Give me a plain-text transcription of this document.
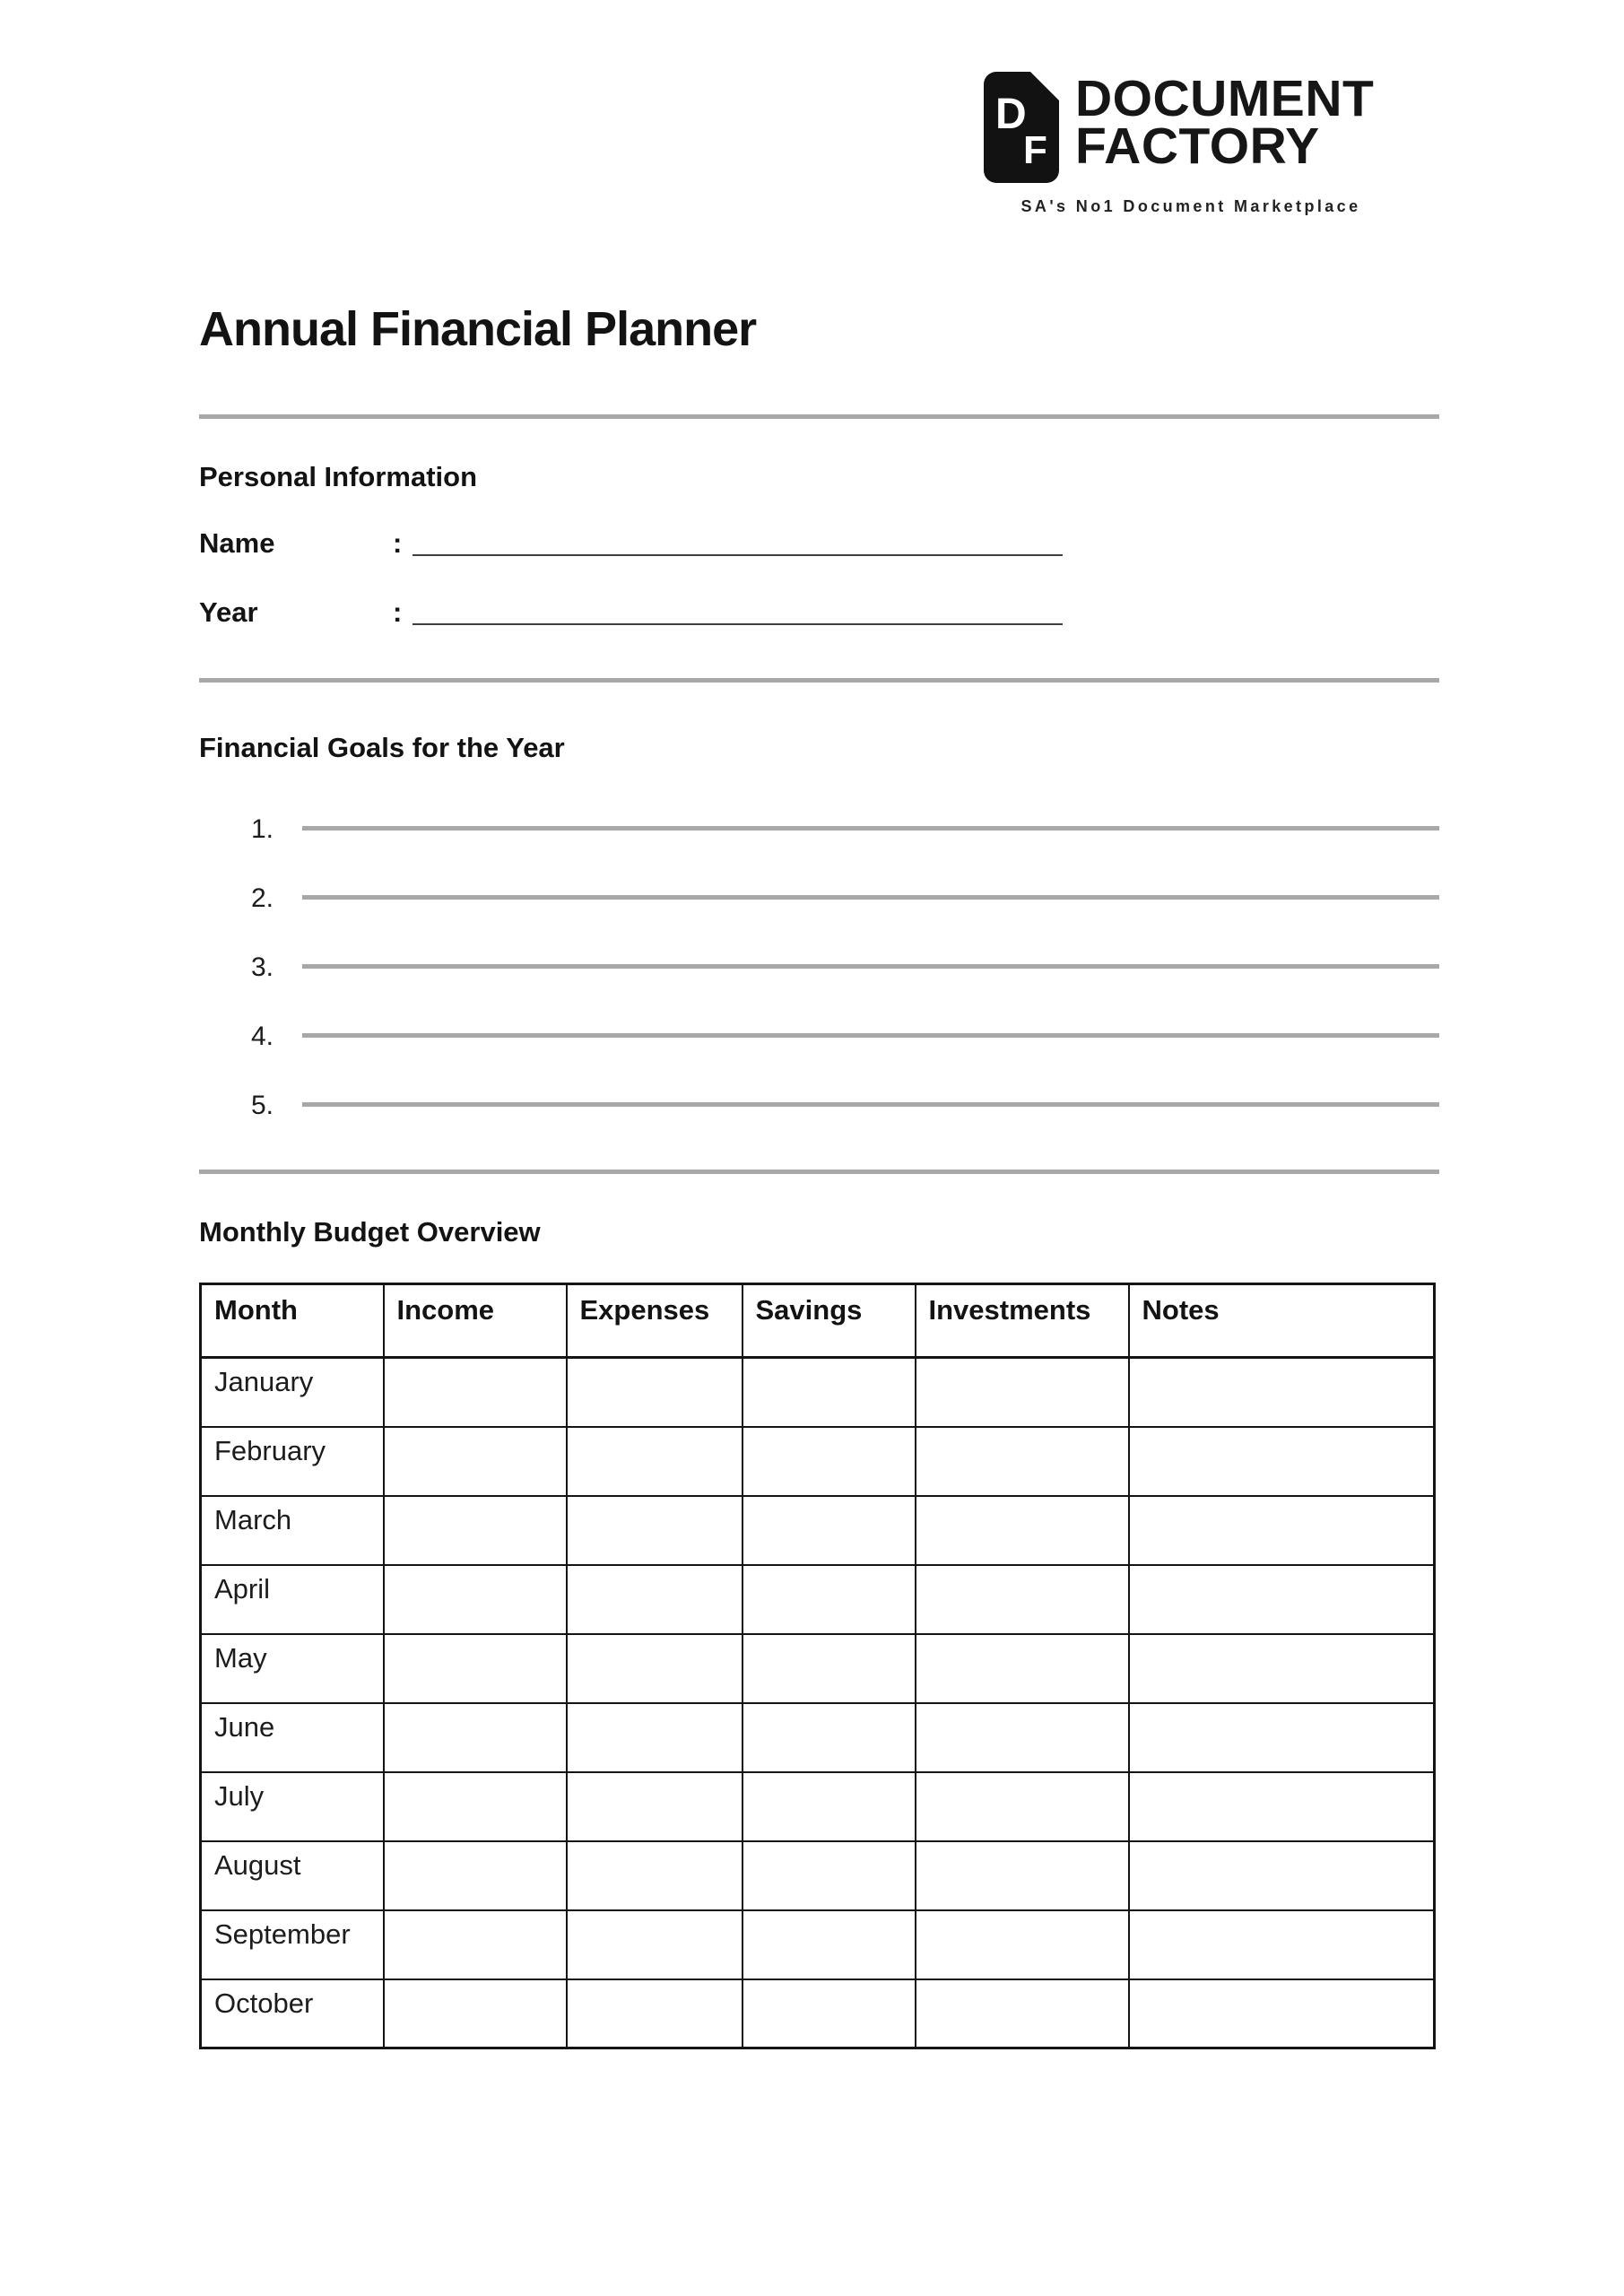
D
F
DOCUMENT
FACTORY
SA's No1 Document Marketplace
Annual Financial Planner
Personal Information
Name	:
Year	:
Financial Goals for the Year
1.
2.
3.
4.
5.
Monthly Budget Overview
Month	Income	Expenses	Savings	Investments	Notes
January					
February					
March					
April					
May					
June					
July					
August					
September					
October					
